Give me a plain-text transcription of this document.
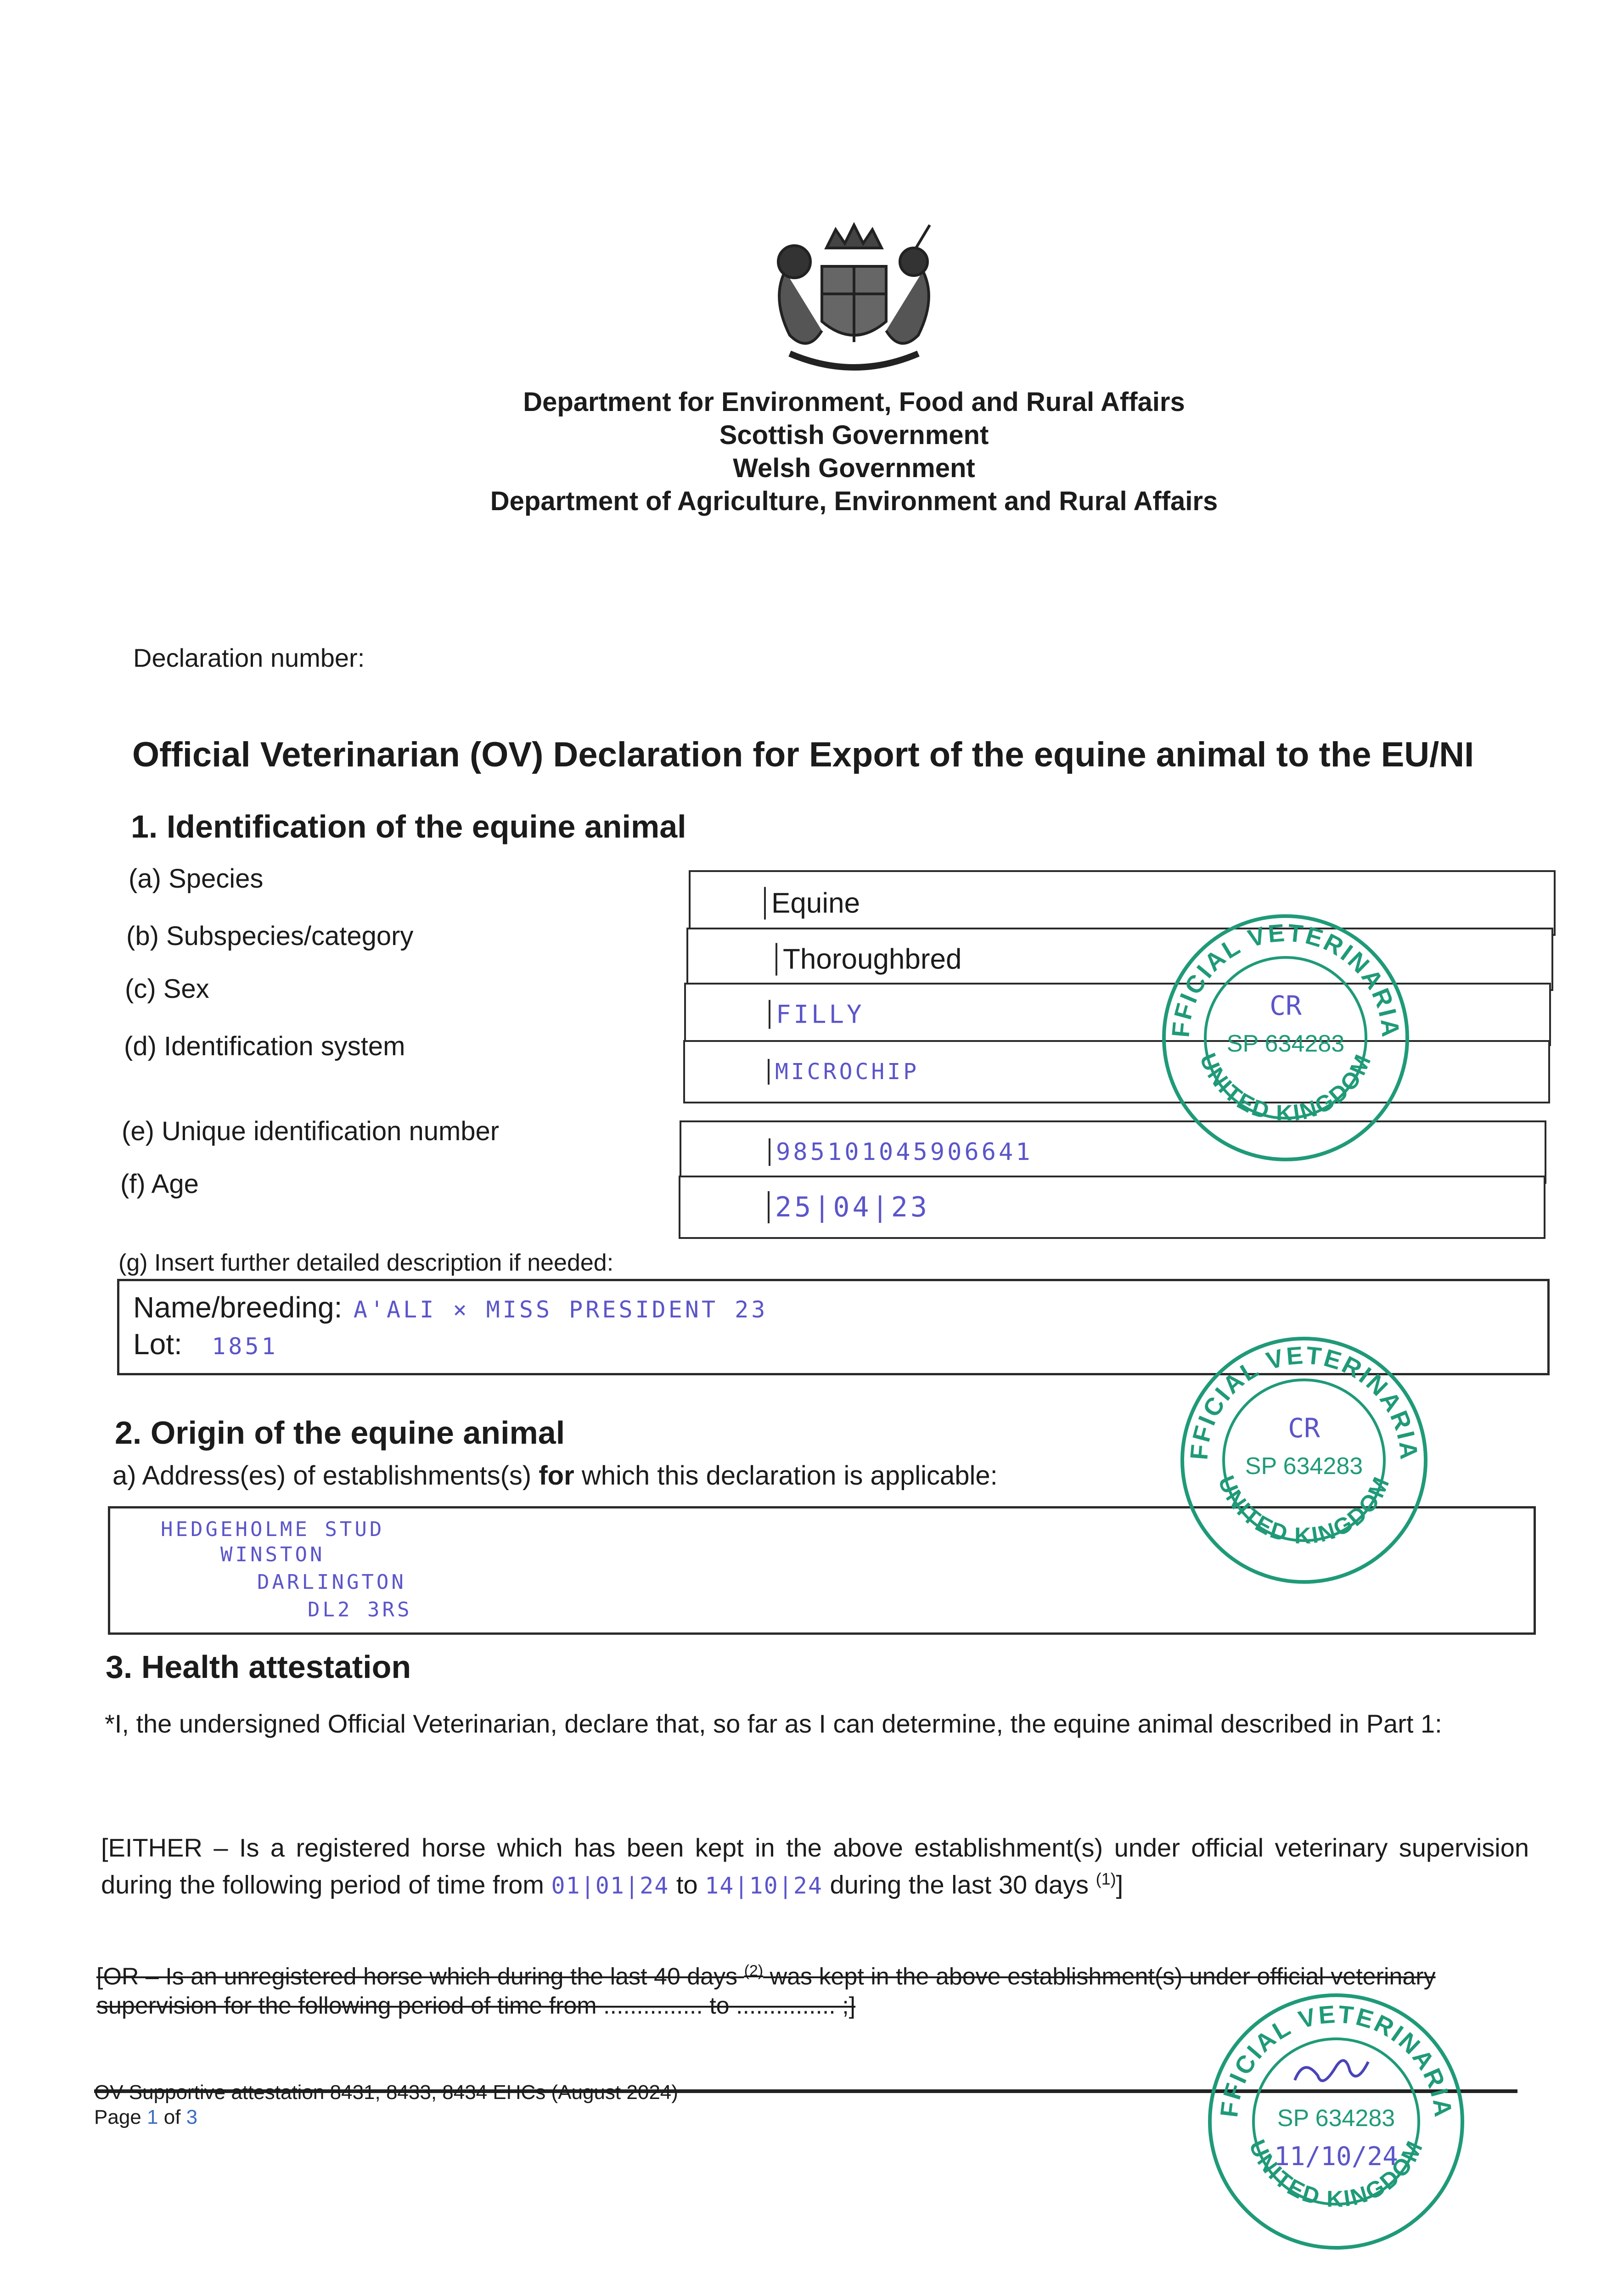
Department for Environment, Food and Rural Affairs
Scottish Government
Welsh Government
Department of Agriculture, Environment and Rural Affairs
Declaration number:
Official Veterinarian (OV) Declaration for Export of the equine animal to the EU/NI
1. Identification of the equine animal
(a) Species
Equine
(b) Subspecies/category
Thoroughbred
(c) Sex
FILLY
(d) Identification system
MICROCHIP
(e) Unique identification number
985101045906641
(f) Age
25|04|23
(g) Insert further detailed description if needed:
Name/breeding: A'ALI × MISS PRESIDENT 23
Lot: 1851
2. Origin of the equine animal
a) Address(es) of establishments(s) for which this declaration is applicable:
HEDGEHOLME STUD
WINSTON
DARLINGTON
DL2 3RS
3. Health attestation
*I, the undersigned Official Veterinarian, declare that, so far as I can determine, the equine animal described in Part 1:
[EITHER – Is a registered horse which has been kept in the above establishment(s) under official veterinary supervision during the following period of time from 01|01|24 to 14|10|24 during the last 30 days $^{(1)}$]
[OR – Is an unregistered horse which during the last 40 days $^{(2)}$ was kept in the above establishment(s) under official veterinary supervision for the following period of time from ............... to ............... ;]
OV Supportive attestation 8431, 8433, 8434 EHCs (August 2024)
Page 1 of 3
FFICIAL VETERINARIA
UNITED KINGDOM
CR
SP 634283
FFICIAL VETERINARIA
UNITED KINGDOM
CR
SP 634283
FFICIAL VETERINARIA
UNITED KINGDOM
SP 634283
11/10/24
